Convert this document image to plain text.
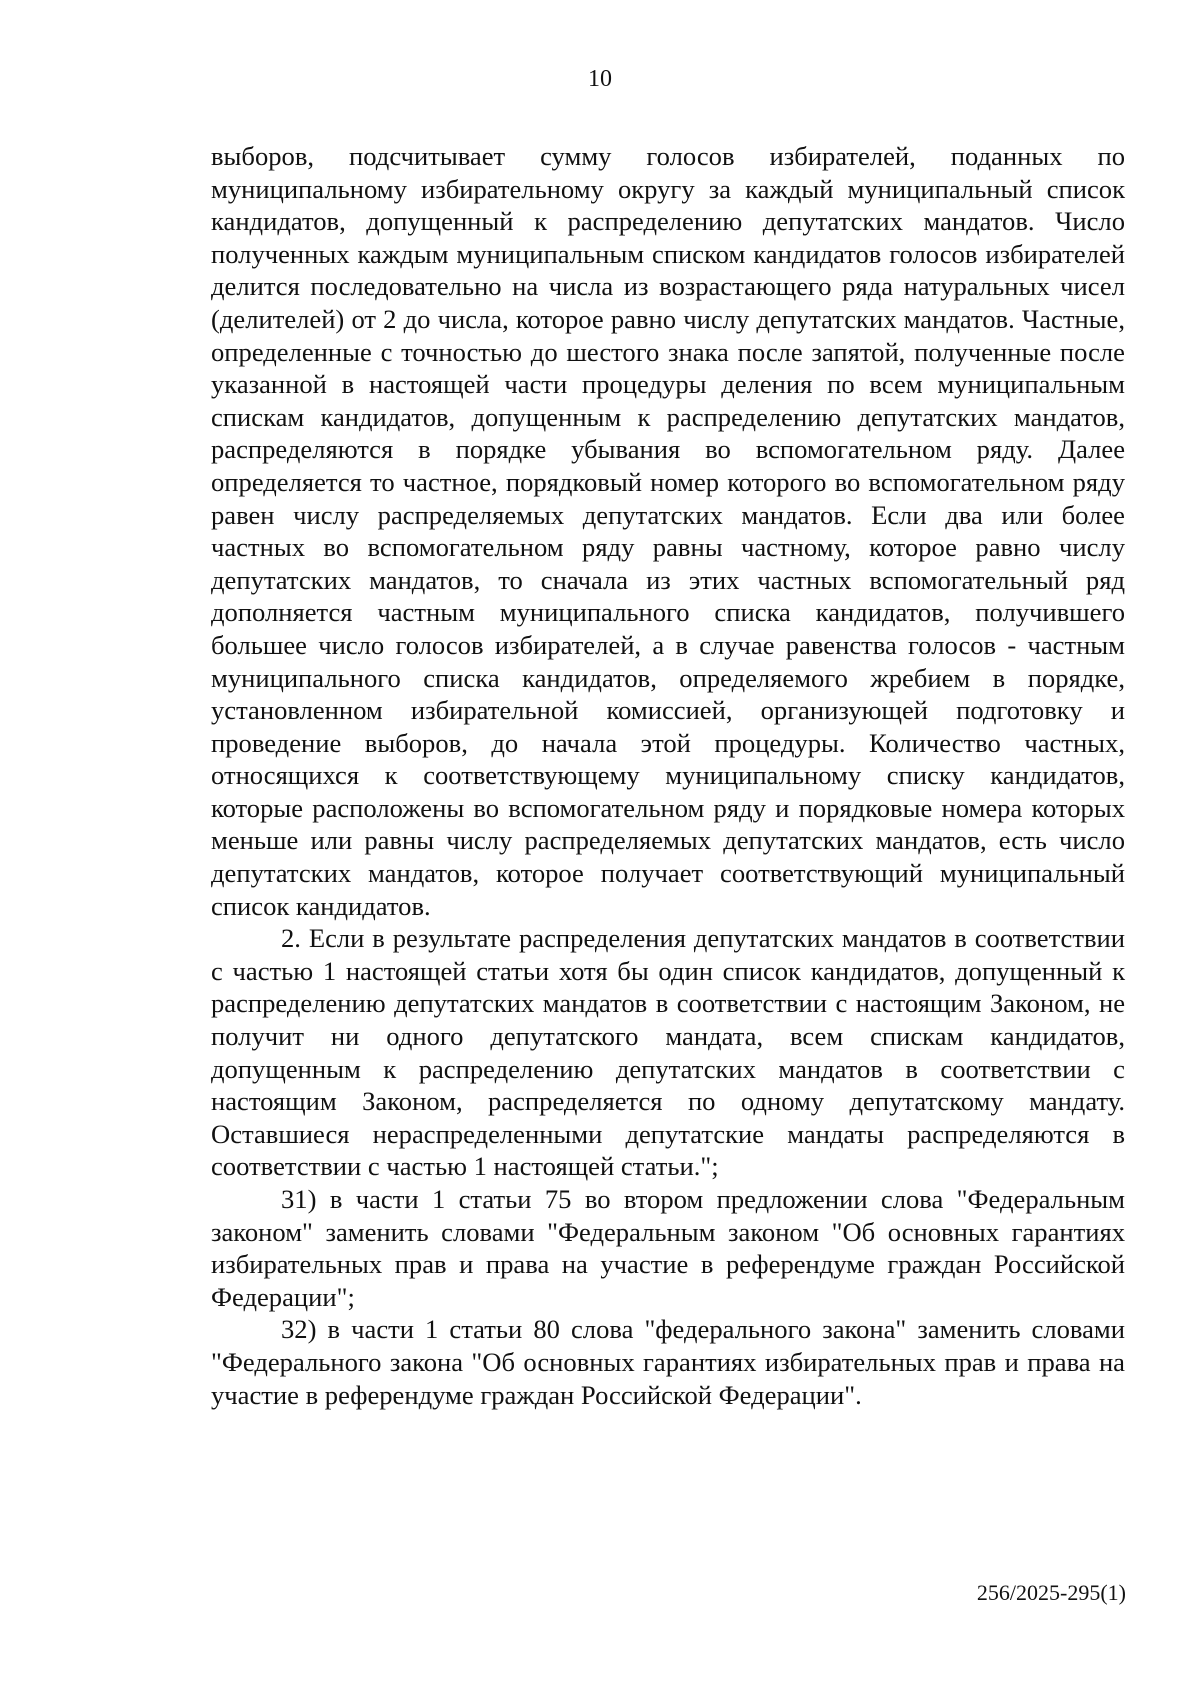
10

выборов, подсчитывает сумму голосов избирателей, поданных по муниципальному избирательному округу за каждый муниципальный список кандидатов, допущенный к распределению депутатских мандатов. Число полученных каждым муниципальным списком кандидатов голосов избирателей делится последовательно на числа из возрастающего ряда натуральных чисел (делителей) от 2 до числа, которое равно числу депутатских мандатов. Частные, определенные с точностью до шестого знака после запятой, полученные после указанной в настоящей части процедуры деления по всем муниципальным спискам кандидатов, допущенным к распределению депутатских мандатов, распределяются в порядке убывания во вспомогательном ряду. Далее определяется то частное, порядковый номер которого во вспомогательном ряду равен числу распределяемых депутатских мандатов. Если два или более частных во вспомогательном ряду равны частному, которое равно числу депутатских мандатов, то сначала из этих частных вспомогательный ряд дополняется частным муниципального списка кандидатов, получившего большее число голосов избирателей, а в случае равенства голосов - частным муниципального списка кандидатов, определяемого жребием в порядке, установленном избирательной комиссией, организующей подготовку и проведение выборов, до начала этой процедуры. Количество частных, относящихся к соответствующему муниципальному списку кандидатов, которые расположены во вспомогательном ряду и порядковые номера которых меньше или равны числу распределяемых депутатских мандатов, есть число депутатских мандатов, которое получает соответствующий муниципальный список кандидатов.

2. Если в результате распределения депутатских мандатов в соответствии с частью 1 настоящей статьи хотя бы один список кандидатов, допущенный к распределению депутатских мандатов в соответствии с настоящим Законом, не получит ни одного депутатского мандата, всем спискам кандидатов, допущенным к распределению депутатских мандатов в соответствии с настоящим Законом, распределяется по одному депутатскому мандату. Оставшиеся нераспределенными депутатские мандаты распределяются в соответствии с частью 1 настоящей статьи.";

31) в части 1 статьи 75 во втором предложении слова "Федеральным законом" заменить словами "Федеральным законом "Об основных гарантиях избирательных прав и права на участие в референдуме граждан Российской Федерации";

32) в части 1 статьи 80 слова "федерального закона" заменить словами "Федерального закона "Об основных гарантиях избирательных прав и права на участие в референдуме граждан Российской Федерации".

256/2025-295(1)
